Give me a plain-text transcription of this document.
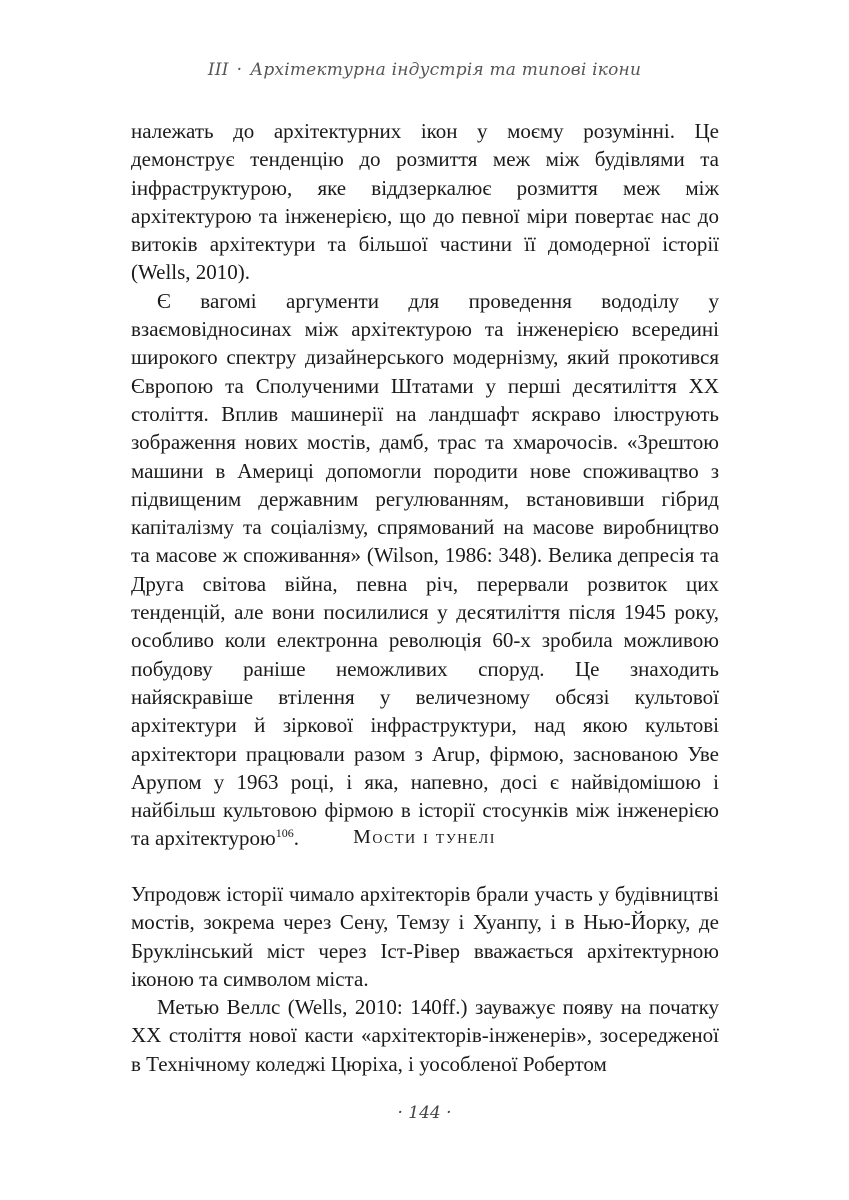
III · Архітектурна індустрія та типові ікони

належать до архітектурних ікон у моєму розумінні. Це демонструє тенденцію до розмиття меж між будівлями та інфраструктурою, яке віддзеркалює розмиття меж між архітектурою та інженерією, що до певної міри повертає нас до витоків архітектури та більшої частини її домодерної історії (Wells, 2010).

Є вагомі аргументи для проведення вододілу у взаємовідносинах між архітектурою та інженерією всередині широкого спектру дизайнерського модернізму, який прокотився Європою та Сполученими Штатами у перші десятиліття XX століття. Вплив машинерії на ландшафт яскраво ілюструють зображення нових мостів, дамб, трас та хмарочосів. «Зрештою машини в Америці допомогли породити нове споживацтво з підвищеним державним регулюванням, встановивши гібрид капіталізму та соціалізму, спрямований на масове виробництво та масове ж споживання» (Wilson, 1986: 348). Велика депресія та Друга світова війна, певна річ, перервали розвиток цих тенденцій, але вони посилилися у десятиліття після 1945 року, особливо коли електронна революція 60-х зробила можливою побудову раніше неможливих споруд. Це знаходить найяскравіше втілення у величезному обсязі культової архітектури й зіркової інфраструктури, над якою культові архітектори працювали разом з Arup, фірмою, заснованою Уве Арупом у 1963 році, і яка, напевно, досі є найвідомішою і найбільш культовою фірмою в історії стосунків між інженерією та архітектурою$^{106}$.	Мости і тунелі

Упродовж історії чимало архітекторів брали участь у будівництві мостів, зокрема через Сену, Темзу і Хуанпу, і в Нью-Йорку, де Бруклінський міст через Іст-Рівер вважається архітектурною іконою та символом міста.

Метью Веллс (Wells, 2010: 140ff.) зауважує появу на початку XX століття нової касти «архітекторів-інженерів», зосередженої в Технічному коледжі Цюріха, і уособленої Робертом

· 144 ·
